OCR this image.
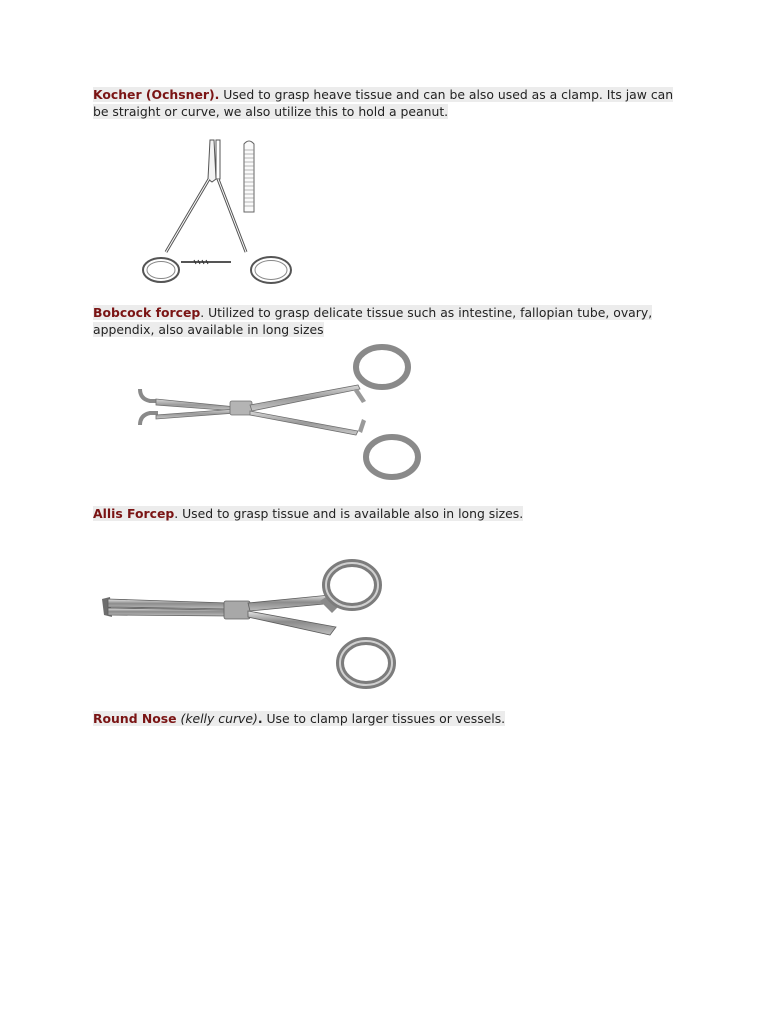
Kocher (Ochsner). Used to grasp heave tissue and can be also used as a clamp. Its jaw can be straight or curve, we also utilize this to hold a peanut.
Bobcock forcep. Utilized to grasp delicate tissue such as intestine, fallopian tube, ovary, appendix, also available in long sizes
Allis Forcep. Used to grasp tissue and is available also in long sizes.
Round Nose (kelly curve). Use to clamp larger tissues or vessels.
